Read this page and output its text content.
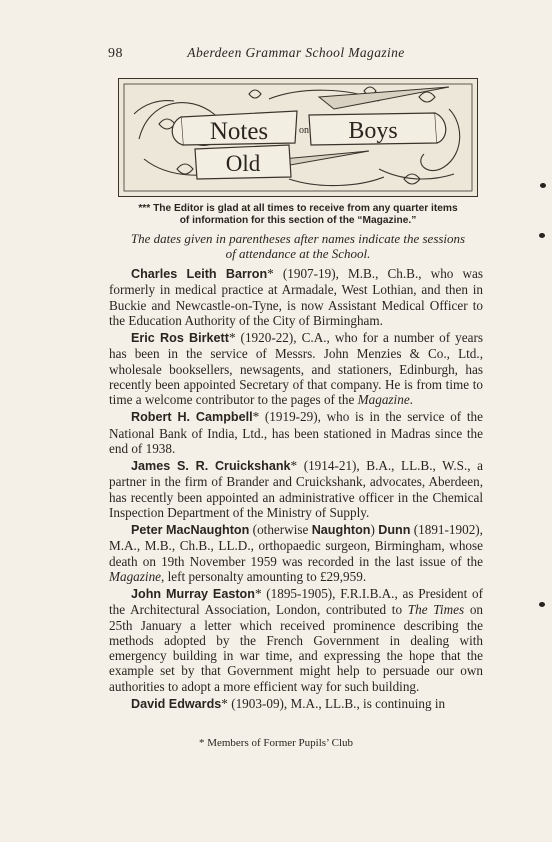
98	Aberdeen Grammar School Magazine
Notes	on Boys
Old
*** The Editor is glad at all times to receive from any quarter items
of information for this section of the “Magazine.”
The dates given in parentheses after names indicate the sessions
of attendance at the School.

Charles Leith Barron* (1907-19), M.B., Ch.B., who was formerly in medical practice at Armadale, West Lothian, and then in Buckie and Newcastle-on-Tyne, is now Assistant Medical Officer to the Education Authority of the City of Birmingham.

Eric Ros Birkett* (1920-22), C.A., who for a number of years has been in the service of Messrs. John Menzies & Co., Ltd., wholesale booksellers, newsagents, and stationers, Edinburgh, has recently been appointed Secretary of that company. He is from time to time a welcome contributor to the pages of the Magazine.

Robert H. Campbell* (1919-29), who is in the service of the National Bank of India, Ltd., has been stationed in Madras since the end of 1938.

James S. R. Cruickshank* (1914-21), B.A., LL.B., W.S., a partner in the firm of Brander and Cruickshank, advocates, Aberdeen, has recently been appointed an administrative officer in the Chemical Inspection Department of the Ministry of Supply.

Peter MacNaughton (otherwise Naughton) Dunn (1891-1902), M.A., M.B., Ch.B., LL.D., orthopaedic surgeon, Birmingham, whose death on 19th November 1959 was recorded in the last issue of the Magazine, left personalty amounting to £29,959.

John Murray Easton* (1895-1905), F.R.I.B.A., as President of the Architectural Association, London, contributed to The Times on 25th January a letter which received prominence describing the methods adopted by the French Government in dealing with emergency building in war time, and expressing the hope that the example set by that Government might help to persuade our own authorities to adopt a more efficient way for such building.

David Edwards* (1903-09), M.A., LL.B., is continuing in

* Members of Former Pupils’ Club
